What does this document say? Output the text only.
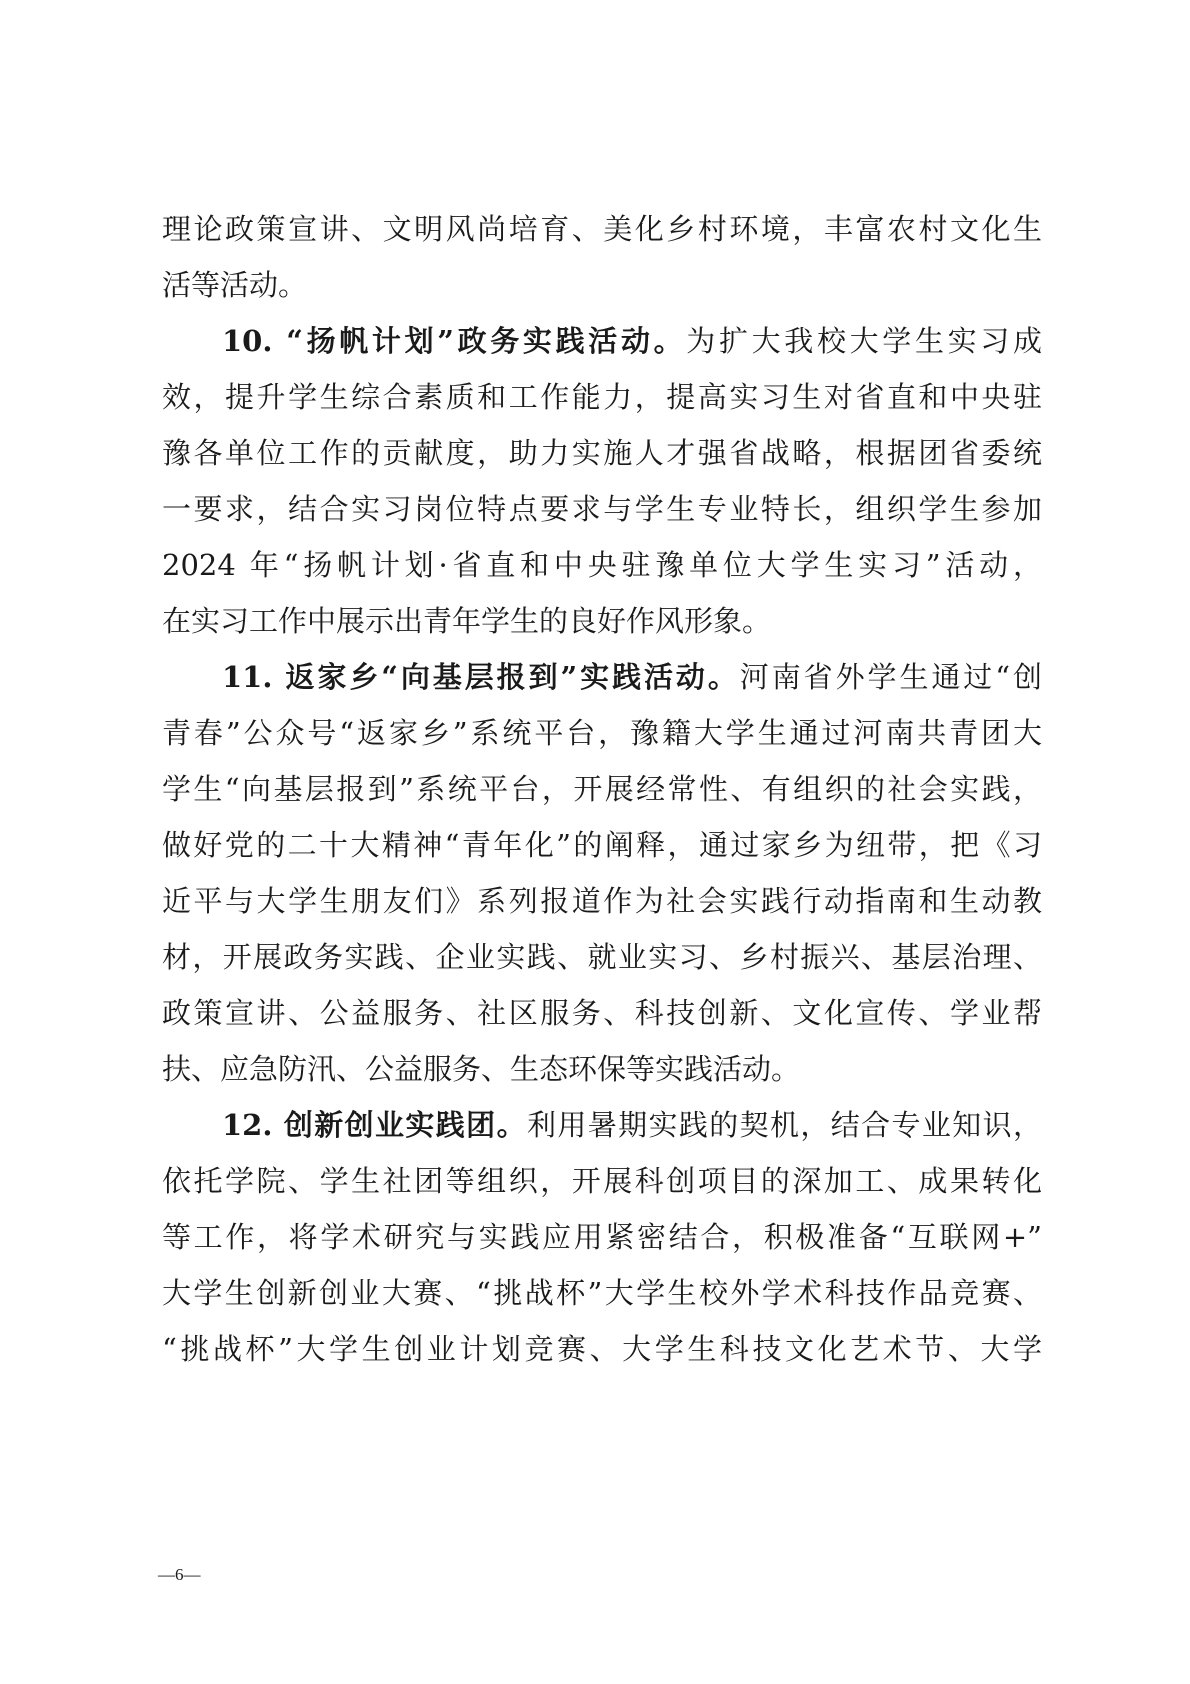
理论政策宣讲、文明风尚培育、美化乡村环境，丰富农村文化生
活等活动。
10. “扬帆计划”政务实践活动。为扩大我校大学生实习成
效，提升学生综合素质和工作能力，提高实习生对省直和中央驻
豫各单位工作的贡献度，助力实施人才强省战略，根据团省委统
一要求，结合实习岗位特点要求与学生专业特长，组织学生参加
2024 年“扬帆计划·省直和中央驻豫单位大学生实习”活动，
在实习工作中展示出青年学生的良好作风形象。
11. 返家乡“向基层报到”实践活动。河南省外学生通过“创
青春”公众号“返家乡”系统平台，豫籍大学生通过河南共青团大
学生“向基层报到”系统平台，开展经常性、有组织的社会实践，
做好党的二十大精神“青年化”的阐释，通过家乡为纽带，把《习
近平与大学生朋友们》系列报道作为社会实践行动指南和生动教
材，开展政务实践、企业实践、就业实习、乡村振兴、基层治理、
政策宣讲、公益服务、社区服务、科技创新、文化宣传、学业帮
扶、应急防汛、公益服务、生态环保等实践活动。
12. 创新创业实践团。利用暑期实践的契机，结合专业知识，
依托学院、学生社团等组织，开展科创项目的深加工、成果转化
等工作，将学术研究与实践应用紧密结合，积极准备“互联网+”
大学生创新创业大赛、“挑战杯”大学生校外学术科技作品竞赛、
“挑战杯”大学生创业计划竞赛、大学生科技文化艺术节、大学
—6—
